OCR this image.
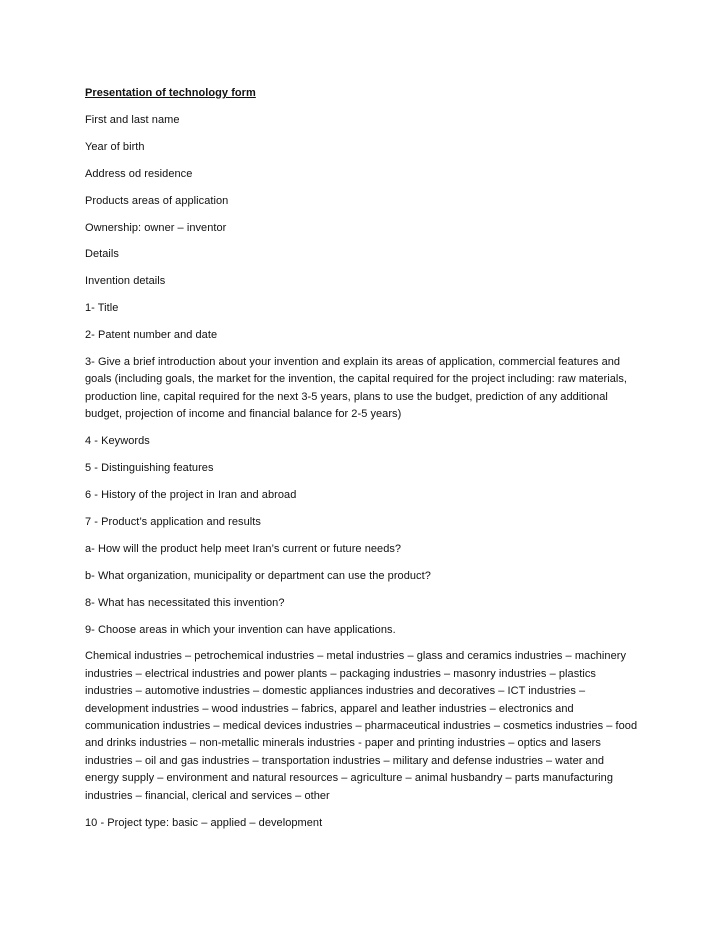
Presentation of technology form

First and last name

Year of birth

Address od residence

Products areas of application

Ownership: owner – inventor

Details

Invention details

1- Title

2- Patent number and date

3- Give a brief introduction about your invention and explain its areas of application, commercial features and goals (including goals, the market for the invention, the capital required for the project including: raw materials, production line, capital required for the next 3-5 years, plans to use the budget, prediction of any additional budget, projection of income and financial balance for 2-5 years)

4 - Keywords

5 - Distinguishing features

6 - History of the project in Iran and abroad

7 - Product’s application and results

a- How will the product help meet Iran’s current or future needs?

b- What organization, municipality or department can use the product?

8- What has necessitated this invention?

9- Choose areas in which your invention can have applications.

Chemical industries – petrochemical industries – metal industries – glass and ceramics industries – machinery industries – electrical industries and power plants – packaging industries – masonry industries – plastics industries – automotive industries – domestic appliances industries and decoratives – ICT industries – development industries – wood industries – fabrics, apparel and leather industries – electronics and communication industries – medical devices industries – pharmaceutical industries – cosmetics industries – food and drinks industries – non-metallic minerals industries - paper and printing industries – optics and lasers industries – oil and gas industries – transportation industries – military and defense industries – water and energy supply – environment and natural resources – agriculture – animal husbandry – parts manufacturing industries – financial, clerical and services – other

10 - Project type: basic – applied – development
